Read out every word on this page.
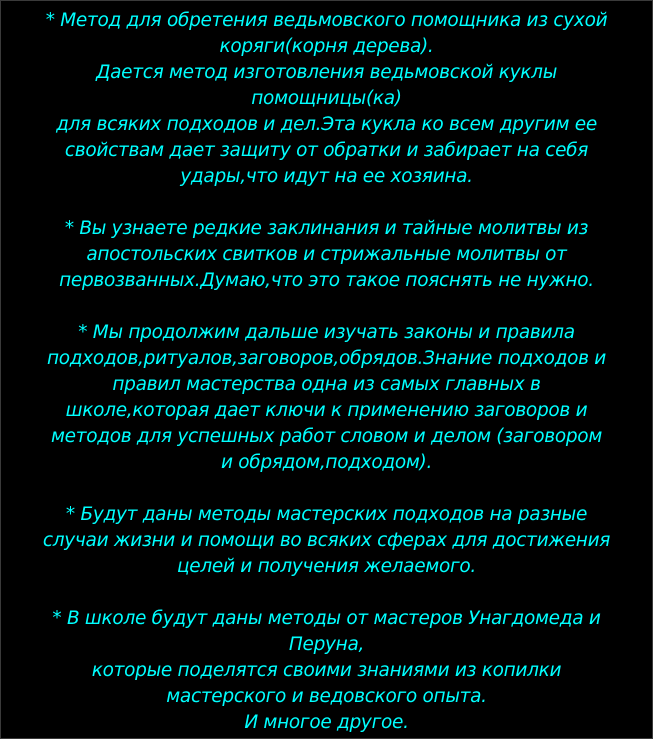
* Метод для обретения ведьмовского помощника из сухой
коряги(корня дерева).
Дается метод изготовления ведьмовской куклы
помощницы(ка)
для всяких подходов и дел.Эта кукла ко всем другим ее
свойствам дает защиту от обратки и забирает на себя
удары,что идут на ее хозяина.
* Вы узнаете редкие заклинания и тайные молитвы из
апостольских свитков и стрижальные молитвы от
первозванных.Думаю,что это такое пояснять не нужно.
* Мы продолжим дальше изучать законы и правила
подходов,ритуалов,заговоров,обрядов.Знание подходов и
правил мастерства одна из самых главных в
школе,которая дает ключи к применению заговоров и
методов для успешных работ словом и делом (заговором
и обрядом,подходом).
* Будут даны методы мастерских подходов на разные
случаи жизни и помощи во всяких сферах для достижения
целей и получения желаемого.
* В школе будут даны методы от мастеров Унагдомеда и
Перуна,
которые поделятся своими знаниями из копилки
мастерского и ведовского опыта.
И многое другое.
